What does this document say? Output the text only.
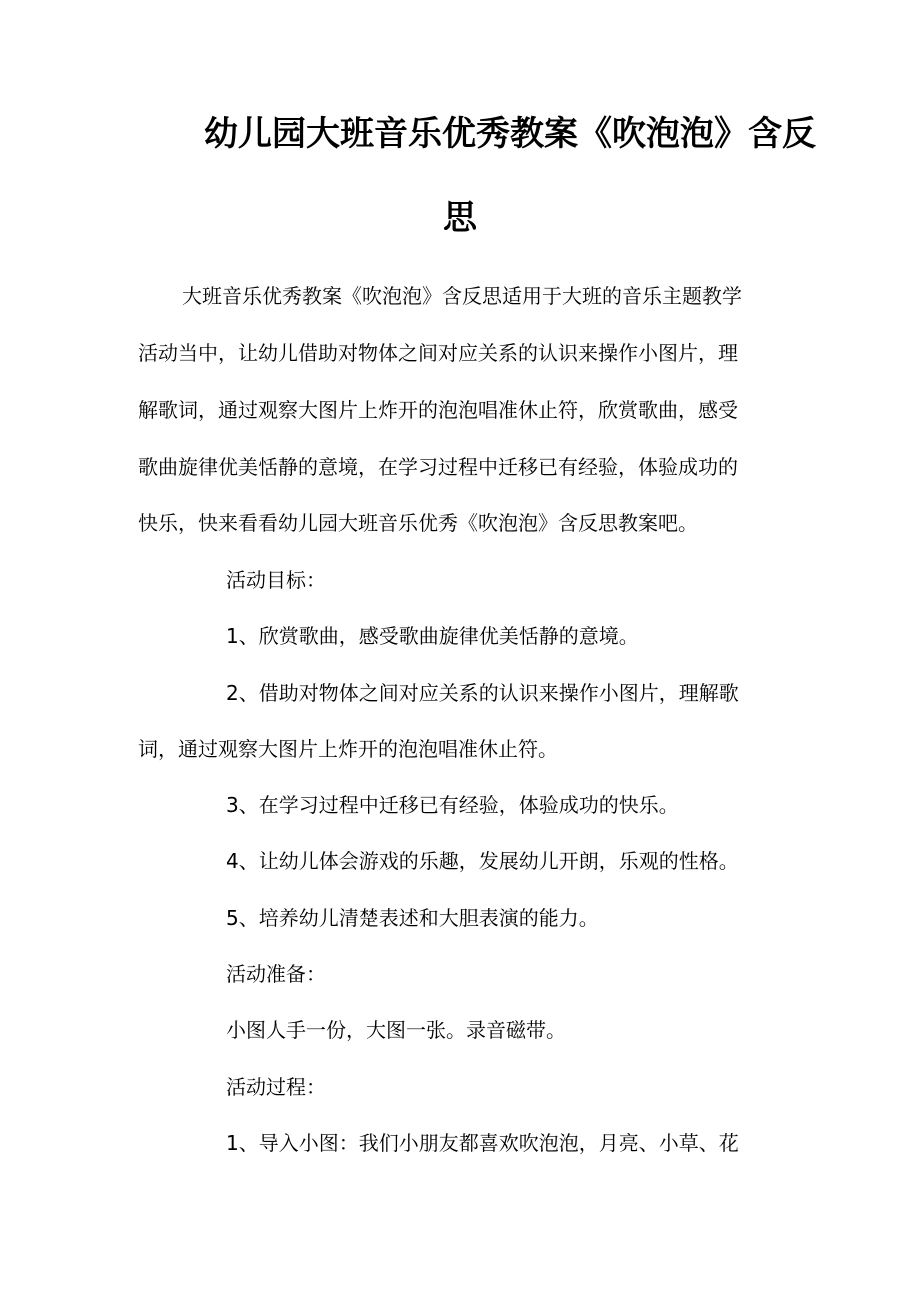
幼儿园大班音乐优秀教案《吹泡泡》含反
思
大班音乐优秀教案《吹泡泡》含反思适用于大班的音乐主题教学
活动当中，让幼儿借助对物体之间对应关系的认识来操作小图片，理
解歌词，通过观察大图片上炸开的泡泡唱准休止符，欣赏歌曲，感受
歌曲旋律优美恬静的意境，在学习过程中迁移已有经验，体验成功的
快乐，快来看看幼儿园大班音乐优秀《吹泡泡》含反思教案吧。
活动目标：
1、欣赏歌曲，感受歌曲旋律优美恬静的意境。
2、借助对物体之间对应关系的认识来操作小图片，理解歌
词，通过观察大图片上炸开的泡泡唱准休止符。
3、在学习过程中迁移已有经验，体验成功的快乐。
4、让幼儿体会游戏的乐趣，发展幼儿开朗，乐观的性格。
5、培养幼儿清楚表述和大胆表演的能力。
活动准备：
小图人手一份，大图一张。录音磁带。
活动过程：
1、导入小图：我们小朋友都喜欢吹泡泡，月亮、小草、花
